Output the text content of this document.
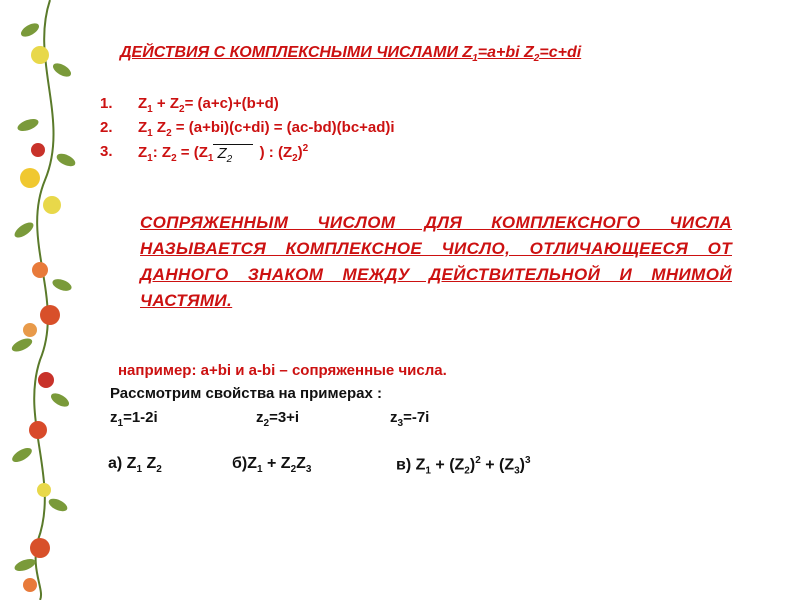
ДЕЙСТВИЯ С КОМПЛЕКСНЫМИ ЧИСЛАМИ $Z_1=a+bi$ $Z_2=c+di$
1. $Z_1 + Z_2= (a+c)+(b+d)$
2. $Z_1$ $Z_2 = (a+bi)(c+di) = (ac-bd)(bc+ad)i$
3. $Z_1$: $Z_2 = (Z_1$ $Z_2$ ) : $(Z_2)^2$
СОПРЯЖЕННЫМ ЧИСЛОМ ДЛЯ КОМПЛЕКСНОГО ЧИСЛА НАЗЫВАЕТСЯ КОМПЛЕКСНОЕ ЧИСЛО, ОТЛИЧАЮЩЕЕСЯ ОТ ДАННОГО ЗНАКОМ МЕЖДУ ДЕЙСТВИТЕЛЬНОЙ И МНИМОЙ ЧАСТЯМИ.
например: a+bi и a-bi – сопряженные числа.
Рассмотрим свойства на примерах :
$z_1=1-2i$	$z_2=3+i$	$z_3=-7i$
а) $Z_1$ $Z_2$	$б)Z_1 + Z_2Z_3$	в) $Z_1 + (Z_2)^2 + (Z_3)^3$
